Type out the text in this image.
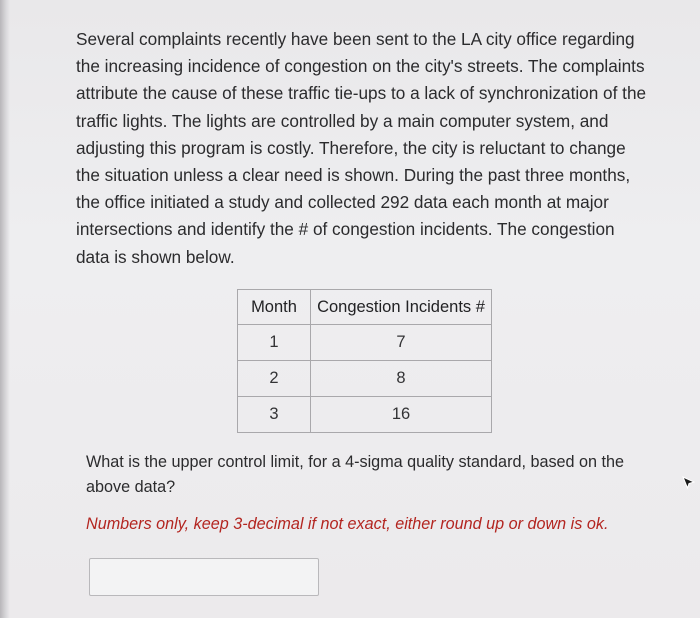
Several complaints recently have been sent to the LA city office regarding
the increasing incidence of congestion on the city's streets. The complaints
attribute the cause of these traffic tie-ups to a lack of synchronization of the
traffic lights. The lights are controlled by a main computer system, and
adjusting this program is costly. Therefore, the city is reluctant to change
the situation unless a clear need is shown. During the past three months,
the office initiated a study and collected 292 data each month at major
intersections and identify the # of congestion incidents. The congestion
data is shown below.
Month	Congestion Incidents #
1	7
2	8
3	16
What is the upper control limit, for a 4-sigma quality standard, based on the
above data?
Numbers only, keep 3-decimal if not exact, either round up or down is ok.
